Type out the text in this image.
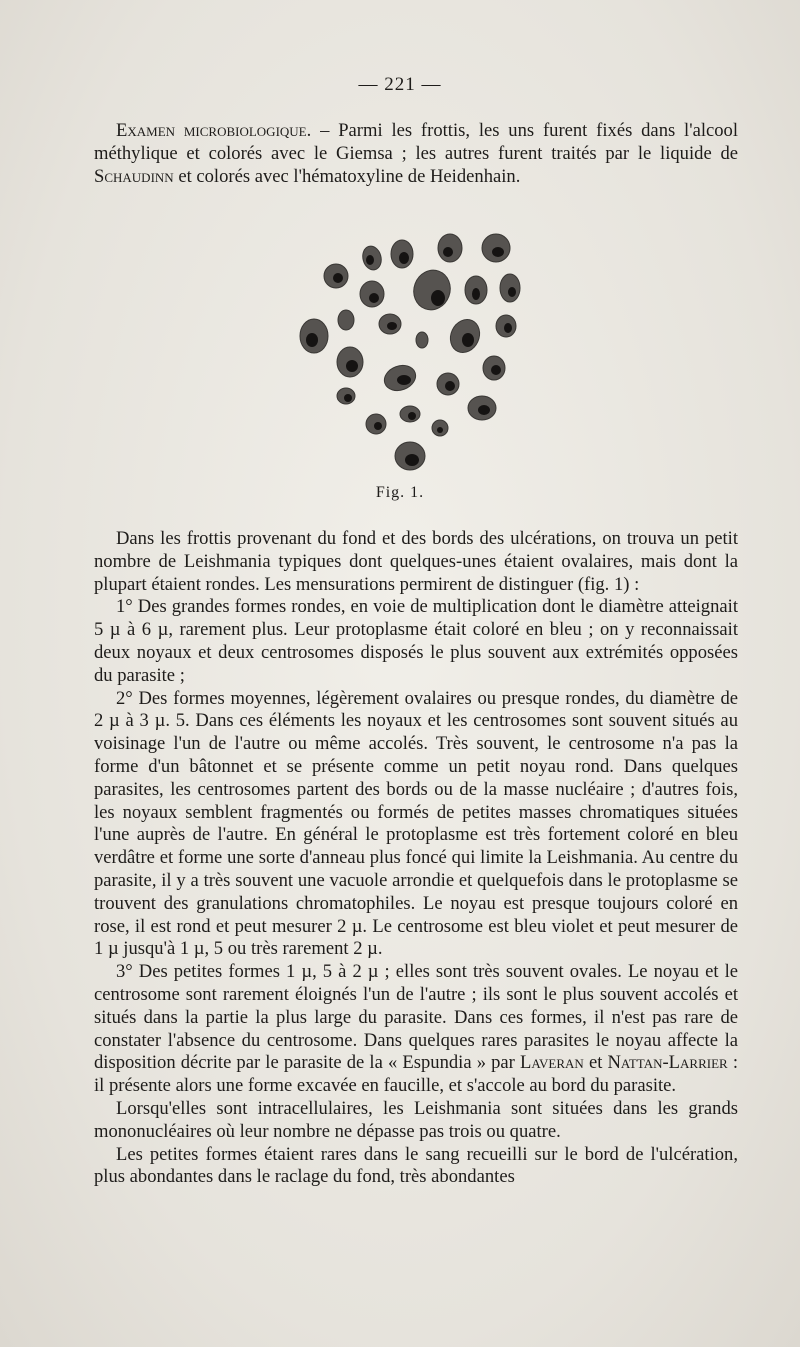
— 221 —

Examen microbiologique. – Parmi les frottis, les uns furent fixés dans l'alcool méthylique et colorés avec le Giemsa ; les autres furent traités par le liquide de Schaudinn et colorés avec l'hématoxyline de Heidenhain.

Fig. 1.

Dans les frottis provenant du fond et des bords des ulcérations, on trouva un petit nombre de Leishmania typiques dont quelques-unes étaient ovalaires, mais dont la plupart étaient rondes. Les mensurations permirent de distinguer (fig. 1) :

1° Des grandes formes rondes, en voie de multiplication dont le diamètre atteignait 5 µ à 6 µ, rarement plus. Leur protoplasme était coloré en bleu ; on y reconnaissait deux noyaux et deux centrosomes disposés le plus souvent aux extrémités opposées du parasite ;

2° Des formes moyennes, légèrement ovalaires ou presque rondes, du diamètre de 2 µ à 3 µ. 5. Dans ces éléments les noyaux et les centrosomes sont souvent situés au voisinage l'un de l'autre ou même accolés. Très souvent, le centrosome n'a pas la forme d'un bâtonnet et se présente comme un petit noyau rond. Dans quelques parasites, les centrosomes partent des bords ou de la masse nucléaire ; d'autres fois, les noyaux semblent fragmentés ou formés de petites masses chromatiques situées l'une auprès de l'autre. En général le protoplasme est très fortement coloré en bleu verdâtre et forme une sorte d'anneau plus foncé qui limite la Leishmania. Au centre du parasite, il y a très souvent une vacuole arrondie et quelquefois dans le protoplasme se trouvent des granulations chromatophiles. Le noyau est presque toujours coloré en rose, il est rond et peut mesurer 2 µ. Le centrosome est bleu violet et peut mesurer de 1 µ jusqu'à 1 µ, 5 ou très rarement 2 µ.

3° Des petites formes 1 µ, 5 à 2 µ ; elles sont très souvent ovales. Le noyau et le centrosome sont rarement éloignés l'un de l'autre ; ils sont le plus souvent accolés et situés dans la partie la plus large du parasite. Dans ces formes, il n'est pas rare de constater l'absence du centrosome. Dans quelques rares parasites le noyau affecte la disposition décrite par le parasite de la « Espundia » par Laveran et Nattan-Larrier : il présente alors une forme excavée en faucille, et s'accole au bord du parasite.

Lorsqu'elles sont intracellulaires, les Leishmania sont situées dans les grands mononucléaires où leur nombre ne dépasse pas trois ou quatre.

Les petites formes étaient rares dans le sang recueilli sur le bord de l'ulcération, plus abondantes dans le raclage du fond, très abondantes
